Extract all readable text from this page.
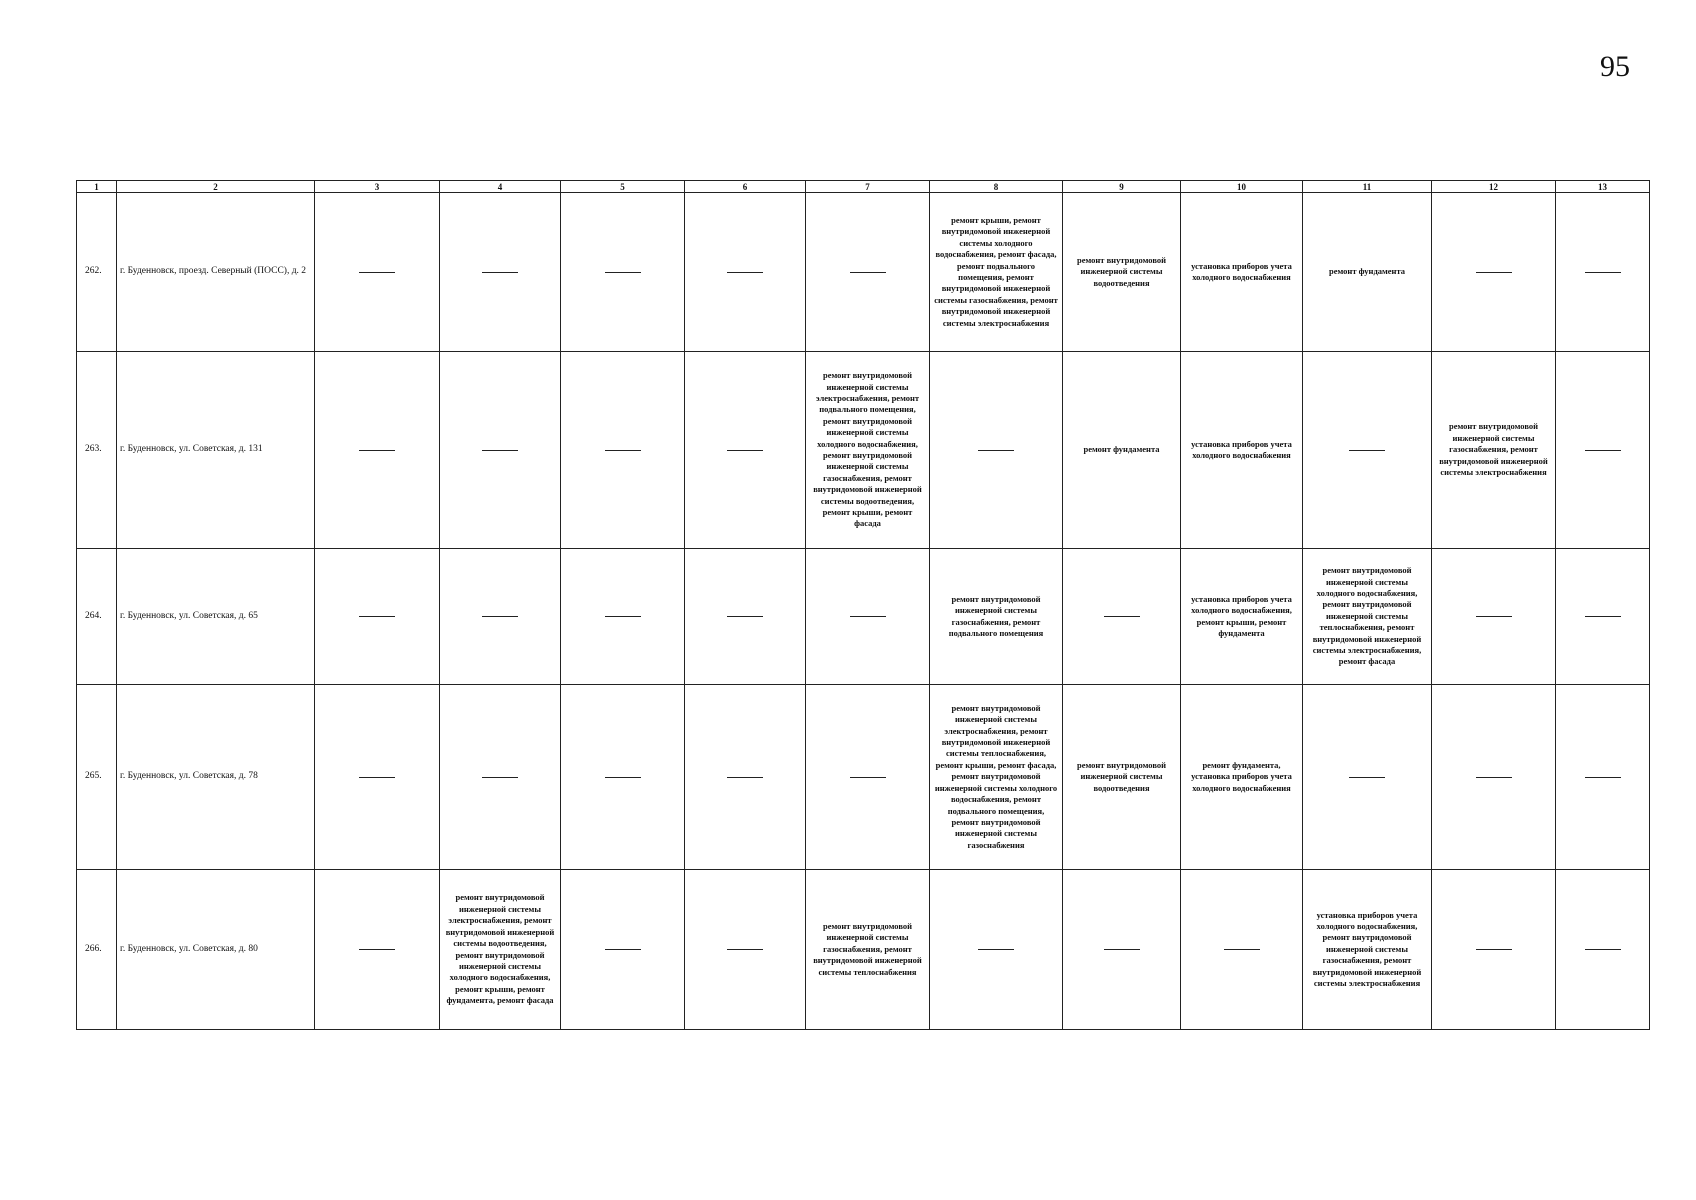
95
1	2	3	4	5	6	7	8	9	10	11	12	13
262.	г. Буденновск, проезд. Северный (ПОСС), д. 2						ремонт крыши, ремонт внутридомовой инженерной системы холодного водоснабжения, ремонт фасада, ремонт подвального помещения, ремонт внутридомовой инженерной системы газоснабжения, ремонт внутридомовой инженерной системы электроснабжения	ремонт внутридомовой инженерной системы водоотведения	установка приборов учета холодного водоснабжения	ремонт фундамента		
263.	г. Буденновск, ул. Советская, д. 131					ремонт внутридомовой инженерной системы электроснабжения, ремонт подвального помещения, ремонт внутридомовой инженерной системы холодного водоснабжения, ремонт внутридомовой инженерной системы газоснабжения, ремонт внутридомовой инженерной системы водоотведения, ремонт крыши, ремонт фасада		ремонт фундамента	установка приборов учета холодного водоснабжения		ремонт внутридомовой инженерной системы газоснабжения, ремонт внутридомовой инженерной системы электроснабжения	
264.	г. Буденновск, ул. Советская, д. 65						ремонт внутридомовой инженерной системы газоснабжения, ремонт подвального помещения		установка приборов учета холодного водоснабжения, ремонт крыши, ремонт фундамента	ремонт внутридомовой инженерной системы холодного водоснабжения, ремонт внутридомовой инженерной системы теплоснабжения, ремонт внутридомовой инженерной системы электроснабжения, ремонт фасада		
265.	г. Буденновск, ул. Советская, д. 78						ремонт внутридомовой инженерной системы электроснабжения, ремонт внутридомовой инженерной системы теплоснабжения, ремонт крыши, ремонт фасада, ремонт внутридомовой инженерной системы холодного водоснабжения, ремонт подвального помещения, ремонт внутридомовой инженерной системы газоснабжения	ремонт внутридомовой инженерной системы водоотведения	ремонт фундамента, установка приборов учета холодного водоснабжения			
266.	г. Буденновск, ул. Советская, д. 80		ремонт внутридомовой инженерной системы электроснабжения, ремонт внутридомовой инженерной системы водоотведения, ремонт внутридомовой инженерной системы холодного водоснабжения, ремонт крыши, ремонт фундамента, ремонт фасада			ремонт внутридомовой инженерной системы газоснабжения, ремонт внутридомовой инженерной системы теплоснабжения				установка приборов учета холодного водоснабжения, ремонт внутридомовой инженерной системы газоснабжения, ремонт внутридомовой инженерной системы электроснабжения		
